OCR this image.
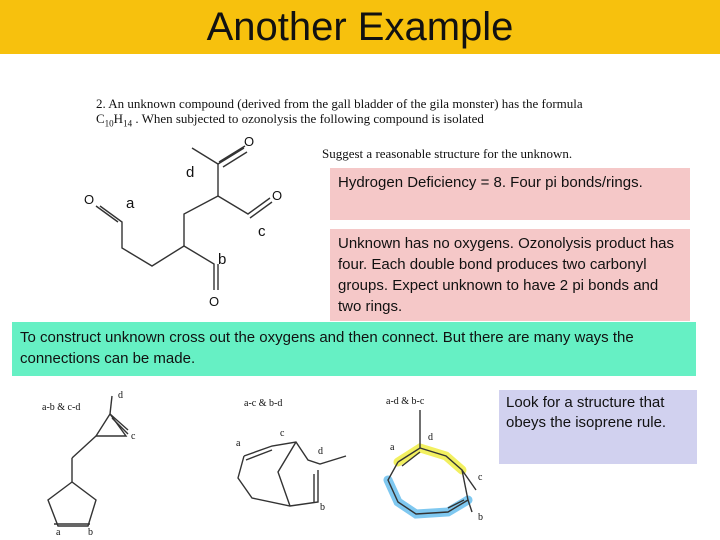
Another Example
2. An unknown compound (derived from the gall bladder of the gila monster) has the formula
$C_{10}H_{14}$ . When subjected to ozonolysis the following compound is isolated
Suggest a reasonable structure for the unknown.
Hydrogen Deficiency = 8. Four pi bonds/rings.
Unknown has no oxygens. Ozonolysis product has four. Each double bond produces two carbonyl groups. Expect unknown to have 2 pi bonds and two rings.
O
O
O
O
d
a
c
b
a-b & c-d
d
c
a	b
a-c & b-d
a
c
d
b
a-d & b-c
a
d
c
b
To construct unknown cross out the oxygens and then connect. But there are many ways the connections can be made.
Look for a structure that obeys the isoprene rule.
